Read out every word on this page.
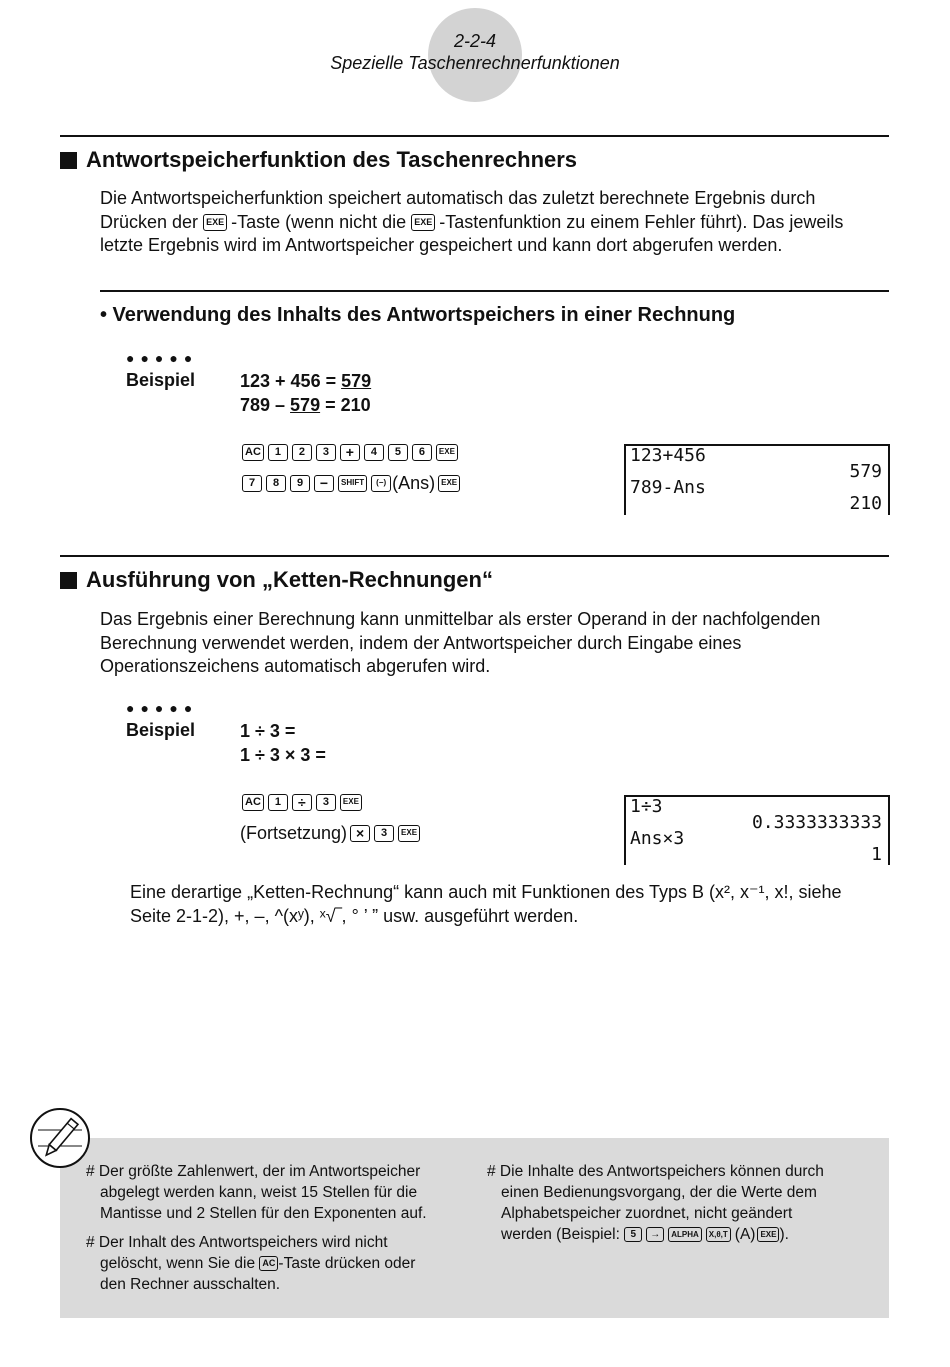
2-2-4
Spezielle Taschenrechnerfunktionen
Antwortspeicherfunktion des Taschenrechners
Die Antwortspeicherfunktion speichert automatisch das zuletzt berechnete Ergebnis durch
Drücken der EXE -Taste (wenn nicht die EXE -Tastenfunktion zu einem Fehler führt). Das jeweils
letzte Ergebnis wird im Antwortspeicher gespeichert und kann dort abgerufen werden.
• Verwendung des Inhalts des Antwortspeichers in einer Rechnung
●●●●●
Beispiel 123 + 456 = 579
789 – 579 = 210
AC	1	2	3	+	4	5	6	EXE
7	8	9	−	SHIFT	(−) (Ans) EXE
123+456
579
789-Ans
210
Ausführung von „Ketten-Rechnungen“
Das Ergebnis einer Berechnung kann unmittelbar als erster Operand in der nachfolgenden
Berechnung verwendet werden, indem der Antwortspeicher durch Eingabe eines
Operationszeichens automatisch abgerufen wird.
●●●●●
Beispiel 1 ÷ 3 =
1 ÷ 3 × 3 =
AC	1	÷	3	EXE
(Fortsetzung) ×	3	EXE
1÷3
0.3333333333
Ans×3
1
Eine derartige „Ketten-Rechnung“ kann auch mit Funktionen des Typs B (x², x⁻¹, x!, siehe
Seite 2-1-2), +, –, ^(xʸ), ˣ√‾, ° ’ ” usw. ausgeführt werden.
# Der größte Zahlenwert, der im Antwortspeicher
abgelegt werden kann, weist 15 Stellen für die
Mantisse und 2 Stellen für den Exponenten auf.
# Der Inhalt des Antwortspeichers wird nicht
gelöscht, wenn Sie die AC -Taste drücken oder
den Rechner ausschalten.
# Die Inhalte des Antwortspeichers können durch
einen Bedienungsvorgang, der die Werte dem
Alphabetspeicher zuordnet, nicht geändert
werden (Beispiel: 5 → ALPHA X,θ,T (A) EXE ).
